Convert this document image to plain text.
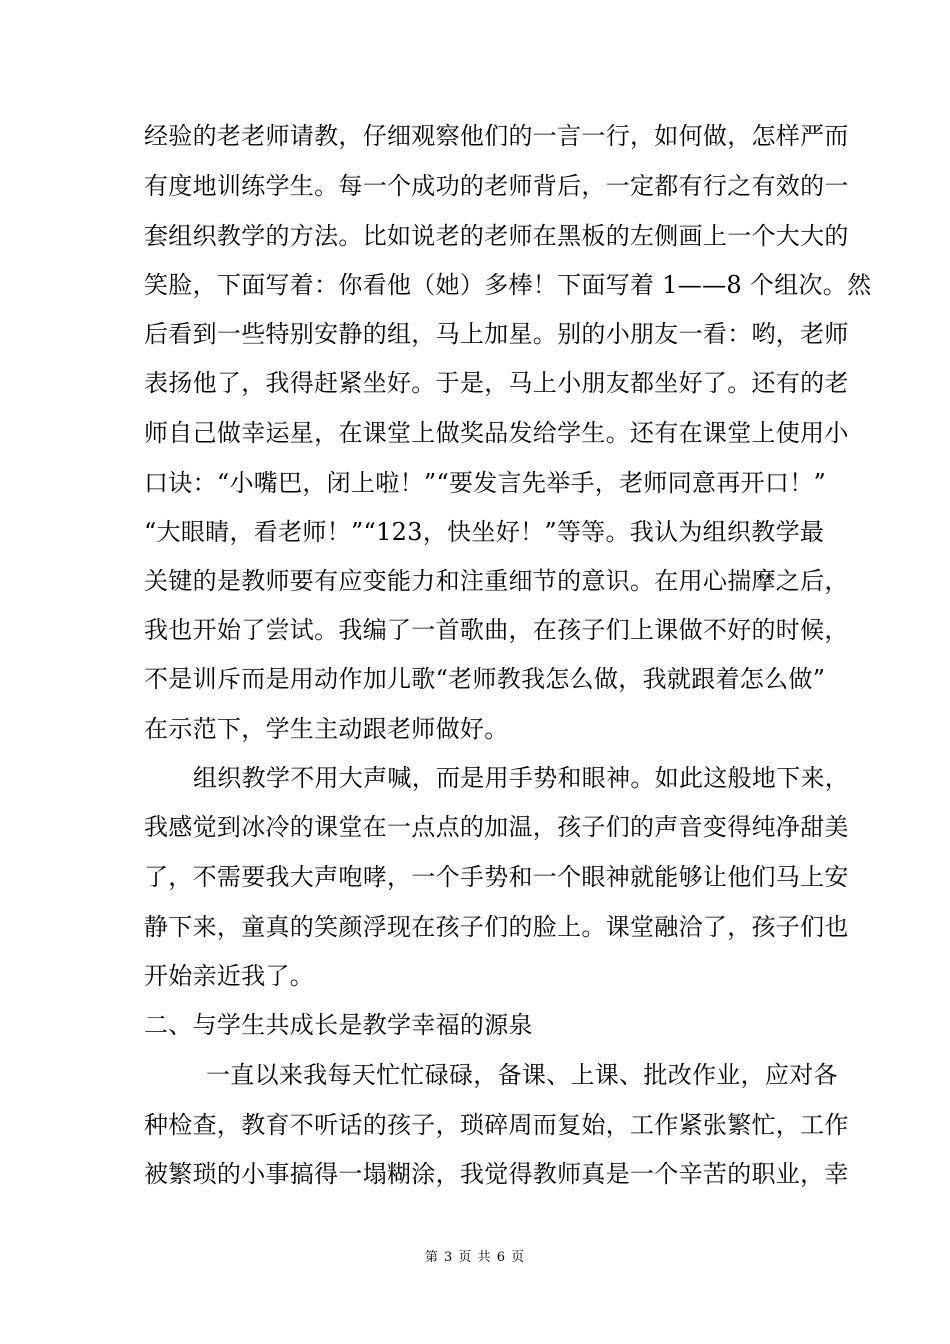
经验的老老师请教，仔细观察他们的一言一行，如何做，怎样严而
有度地训练学生。每一个成功的老师背后，一定都有行之有效的一
套组织教学的方法。比如说老的老师在黑板的左侧画上一个大大的
笑脸，下面写着：你看他（她）多棒！下面写着 1——8 个组次。然
后看到一些特别安静的组，马上加星。别的小朋友一看：哟，老师
表扬他了，我得赶紧坐好。于是，马上小朋友都坐好了。还有的老
师自己做幸运星，在课堂上做奖品发给学生。还有在课堂上使用小
口诀：“小嘴巴，闭上啦！”“要发言先举手，老师同意再开口！”
“大眼睛，看老师！”“123，快坐好！”等等。我认为组织教学最
关键的是教师要有应变能力和注重细节的意识。在用心揣摩之后，
我也开始了尝试。我编了一首歌曲，在孩子们上课做不好的时候，
不是训斥而是用动作加儿歌“老师教我怎么做，我就跟着怎么做”
在示范下，学生主动跟老师做好。
组织教学不用大声喊，而是用手势和眼神。如此这般地下来，
我感觉到冰冷的课堂在一点点的加温，孩子们的声音变得纯净甜美
了，不需要我大声咆哮，一个手势和一个眼神就能够让他们马上安
静下来，童真的笑颜浮现在孩子们的脸上。课堂融洽了，孩子们也
开始亲近我了。
二、与学生共成长是教学幸福的源泉
一直以来我每天忙忙碌碌，备课、上课、批改作业，应对各
种检查，教育不听话的孩子，琐碎周而复始，工作紧张繁忙，工作
被繁琐的小事搞得一塌糊涂，我觉得教师真是一个辛苦的职业，幸
第 3 页 共 6 页
